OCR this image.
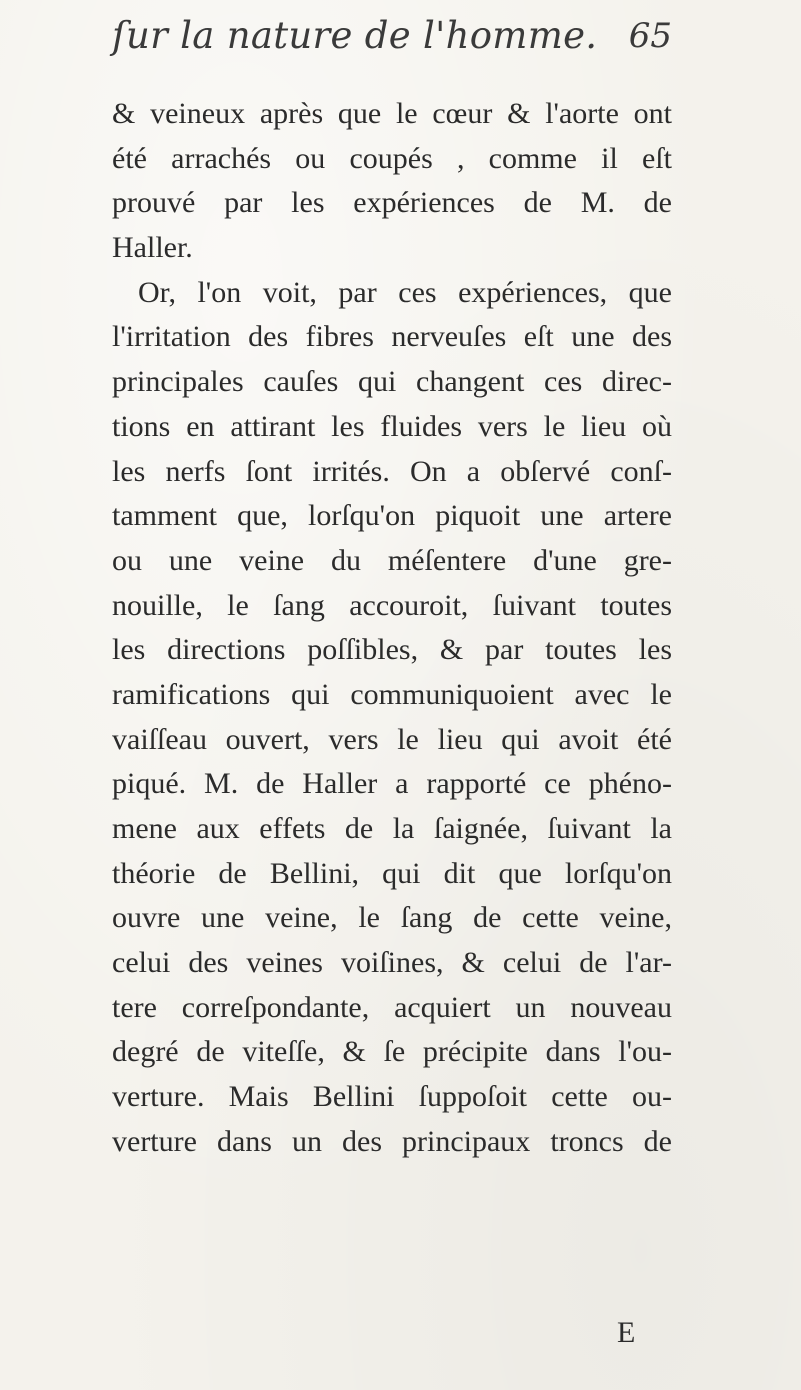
ſur la nature de l'homme. 65
& veineux après que le cœur & l'aorte ont
été arrachés ou coupés , comme il eſt
prouvé par les expériences de M. de
Haller.
Or, l'on voit, par ces expériences, que
l'irritation des fibres nerveuſes eſt une des
principales cauſes qui changent ces direc-
tions en attirant les fluides vers le lieu où
les nerfs ſont irrités. On a obſervé conſ-
tamment que, lorſqu'on piquoit une artere
ou une veine du méſentere d'une gre-
nouille, le ſang accouroit, ſuivant toutes
les directions poſſibles, & par toutes les
ramifications qui communiquoient avec le
vaiſſeau ouvert, vers le lieu qui avoit été
piqué. M. de Haller a rapporté ce phéno-
mene aux effets de la ſaignée, ſuivant la
théorie de Bellini, qui dit que lorſqu'on
ouvre une veine, le ſang de cette veine,
celui des veines voiſines, & celui de l'ar-
tere correſpondante, acquiert un nouveau
degré de viteſſe, & ſe précipite dans l'ou-
verture. Mais Bellini ſuppoſoit cette ou-
verture dans un des principaux troncs de
E
